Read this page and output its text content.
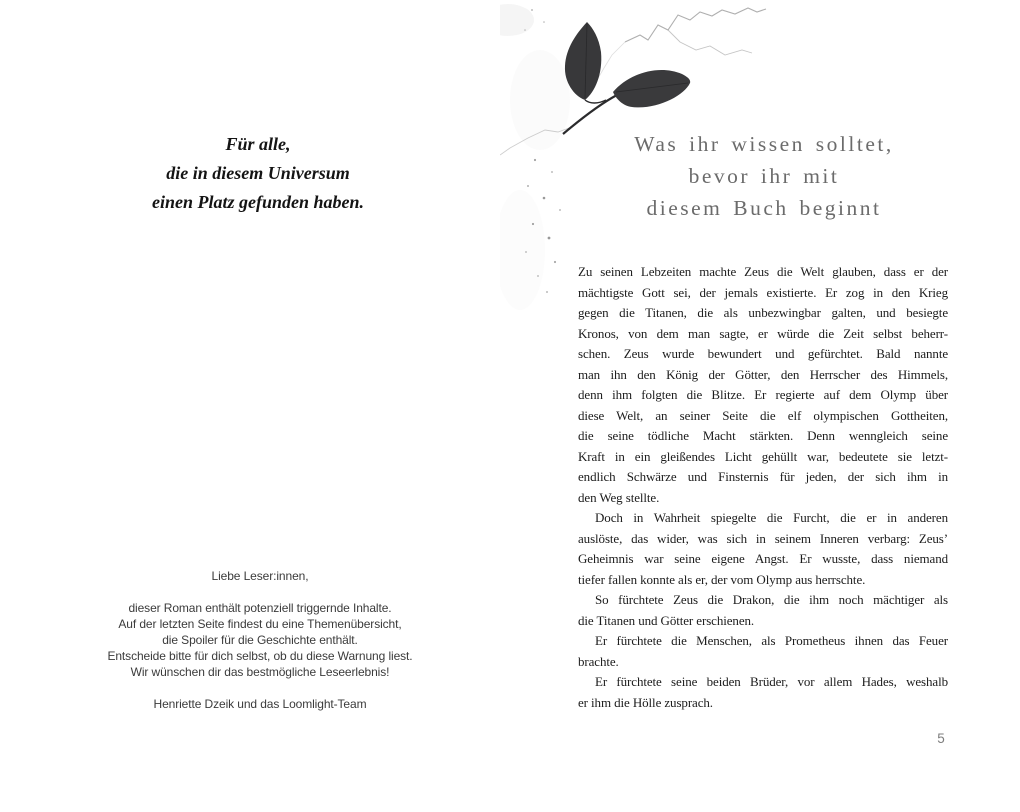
Für alle,
die in diesem Universum
einen Platz gefunden haben.
Liebe Leser:innen,
dieser Roman enthält potenziell triggernde Inhalte.
Auf der letzten Seite findest du eine Themenübersicht,
die Spoiler für die Geschichte enthält.
Entscheide bitte für dich selbst, ob du diese Warnung liest.
Wir wünschen dir das bestmögliche Leseerlebnis!
Henriette Dzeik und das Loomlight-Team
Was ihr wissen solltet,
bevor ihr mit
diesem Buch beginnt
Zu seinen Lebzeiten machte Zeus die Welt glauben, dass er der
mächtigste Gott sei, der jemals existierte. Er zog in den Krieg
gegen die Titanen, die als unbezwingbar galten, und besiegte
Kronos, von dem man sagte, er würde die Zeit selbst beherr-
schen. Zeus wurde bewundert und gefürchtet. Bald nannte
man ihn den König der Götter, den Herrscher des Himmels,
denn ihm folgten die Blitze. Er regierte auf dem Olymp über
diese Welt, an seiner Seite die elf olympischen Gottheiten,
die seine tödliche Macht stärkten. Denn wenngleich seine
Kraft in ein gleißendes Licht gehüllt war, bedeutete sie letzt-
endlich Schwärze und Finsternis für jeden, der sich ihm in
den Weg stellte.
Doch in Wahrheit spiegelte die Furcht, die er in anderen
auslöste, das wider, was sich in seinem Inneren verbarg: Zeus’
Geheimnis war seine eigene Angst. Er wusste, dass niemand
tiefer fallen konnte als er, der vom Olymp aus herrschte.
So fürchtete Zeus die Drakon, die ihm noch mächtiger als
die Titanen und Götter erschienen.
Er fürchtete die Menschen, als Prometheus ihnen das Feuer
brachte.
Er fürchtete seine beiden Brüder, vor allem Hades, weshalb
er ihm die Hölle zusprach.
5
